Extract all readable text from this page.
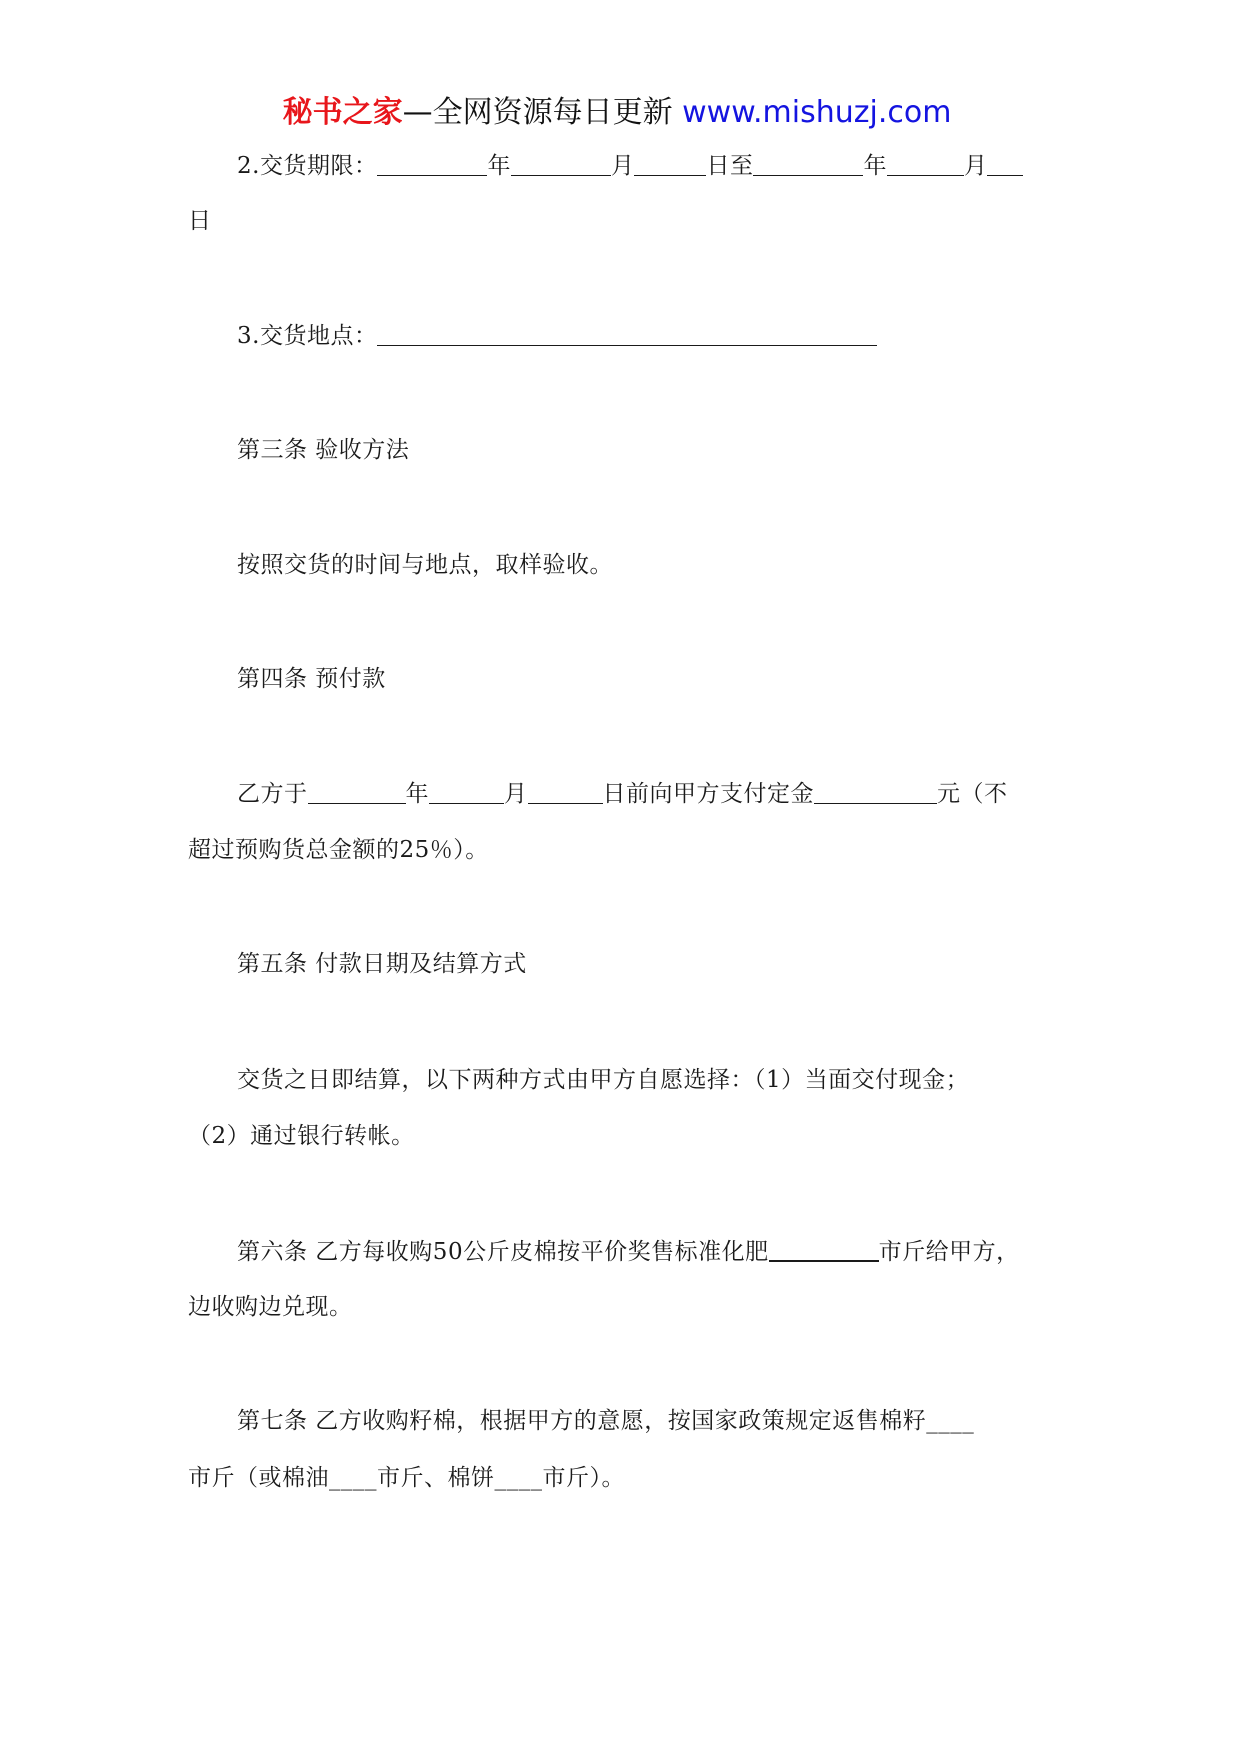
秘书之家—全网资源每日更新 www.mishuzj.com
2.交货期限：	年	月	日至	年	月
日
3.交货地点：
第三条 验收方法
按照交货的时间与地点，取样验收。
第四条 预付款
乙方于	年	月	日前向甲方支付定金	元（不
超过预购货总金额的25％）。
第五条 付款日期及结算方式
交货之日即结算，以下两种方式由甲方自愿选择：（1）当面交付现金；
（2）通过银行转帐。
第六条 乙方每收购50公斤皮棉按平价奖售标准化肥	市斤给甲方，
边收购边兑现。
第七条 乙方收购籽棉，根据甲方的意愿，按国家政策规定返售棉籽____
市斤（或棉油____市斤、棉饼____市斤）。
